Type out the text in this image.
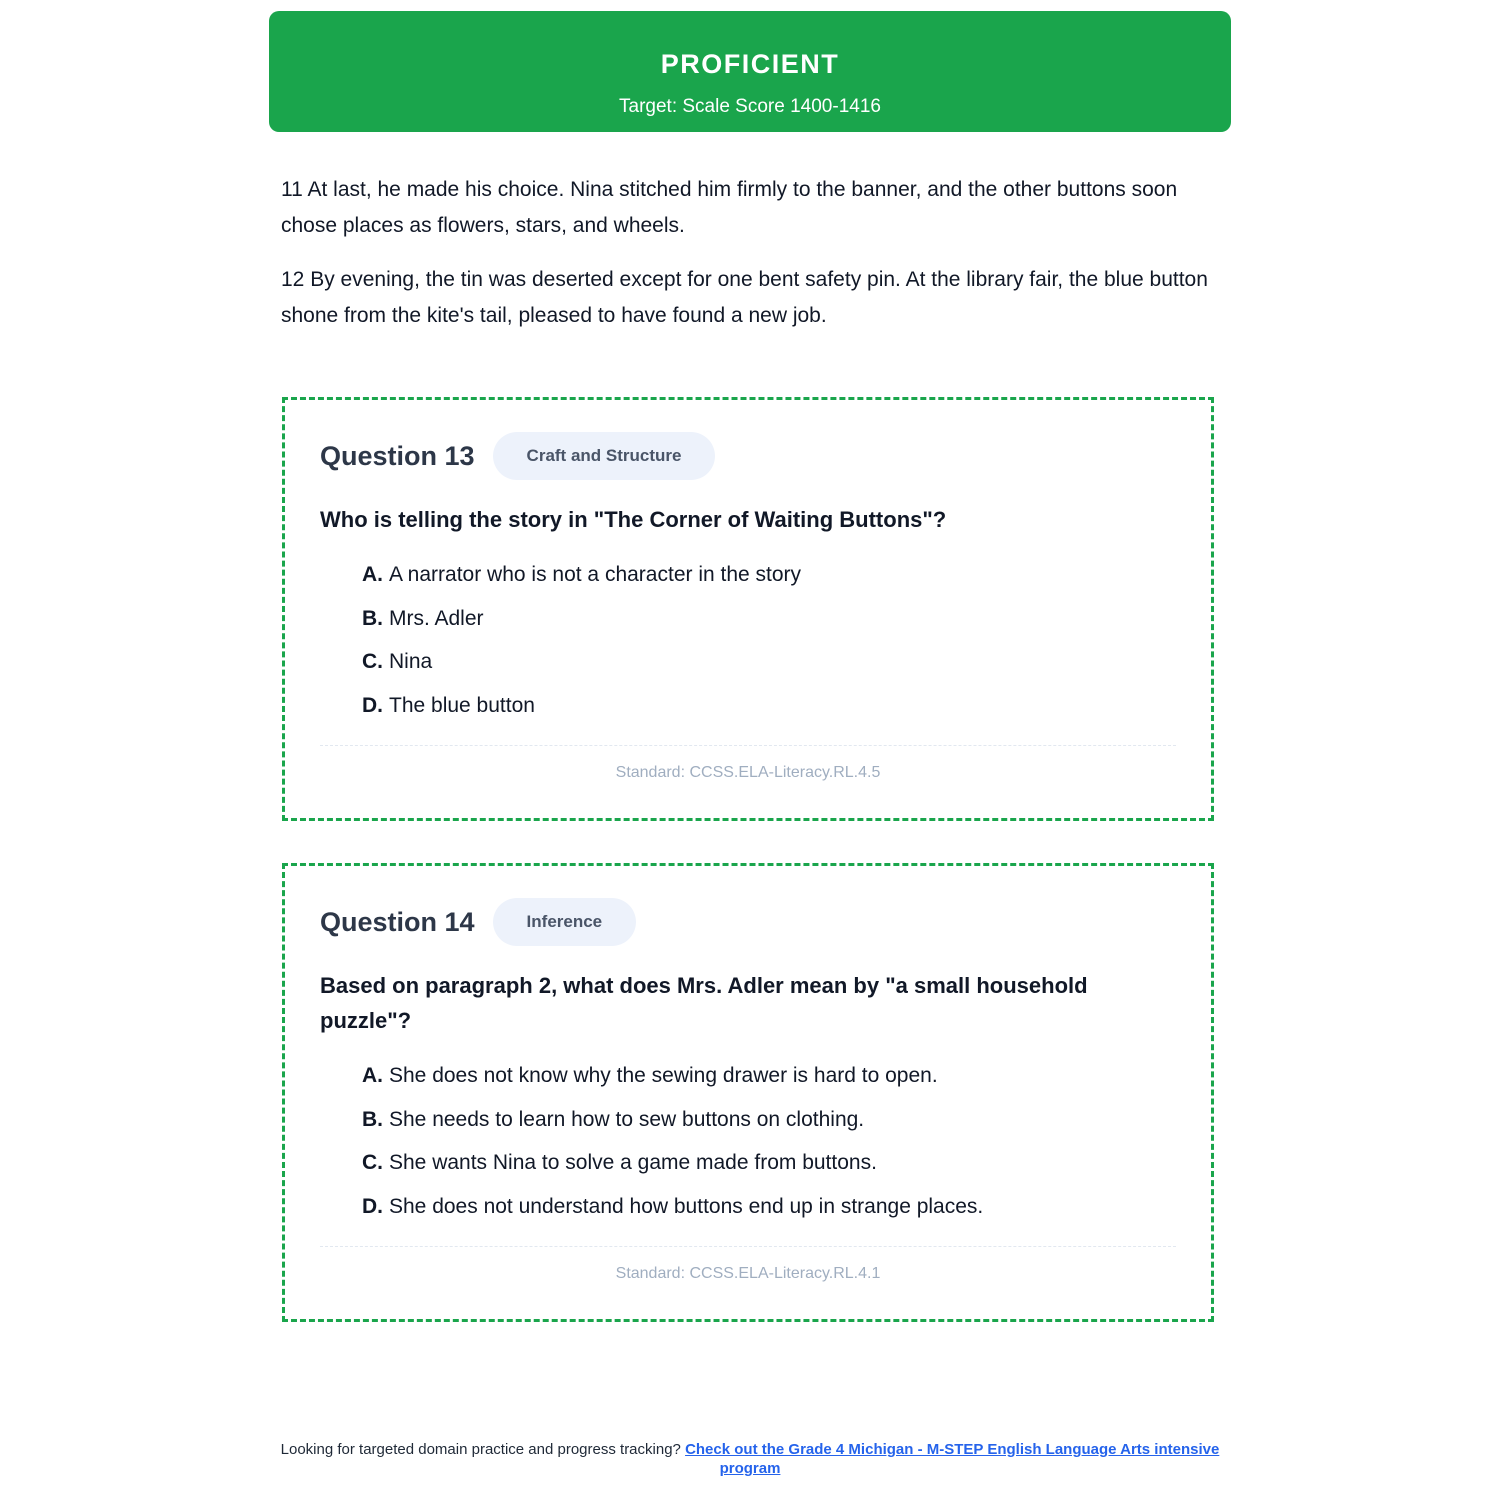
PROFICIENT
Target: Scale Score 1400-1416

11 At last, he made his choice. Nina stitched him firmly to the banner, and the other buttons soon chose places as flowers, stars, and wheels.

12 By evening, the tin was deserted except for one bent safety pin. At the library fair, the blue button shone from the kite's tail, pleased to have found a new job.

Question 13	Craft and Structure
Who is telling the story in "The Corner of Waiting Buttons"?
A. A narrator who is not a character in the story
B. Mrs. Adler
C. Nina
D. The blue button
Standard: CCSS.ELA-Literacy.RL.4.5
Question 14	Inference
Based on paragraph 2, what does Mrs. Adler mean by "a small household puzzle"?
A. She does not know why the sewing drawer is hard to open.
B. She needs to learn how to sew buttons on clothing.
C. She wants Nina to solve a game made from buttons.
D. She does not understand how buttons end up in strange places.
Standard: CCSS.ELA-Literacy.RL.4.1
Looking for targeted domain practice and progress tracking? Check out the Grade 4 Michigan - M-STEP English Language Arts intensive program
